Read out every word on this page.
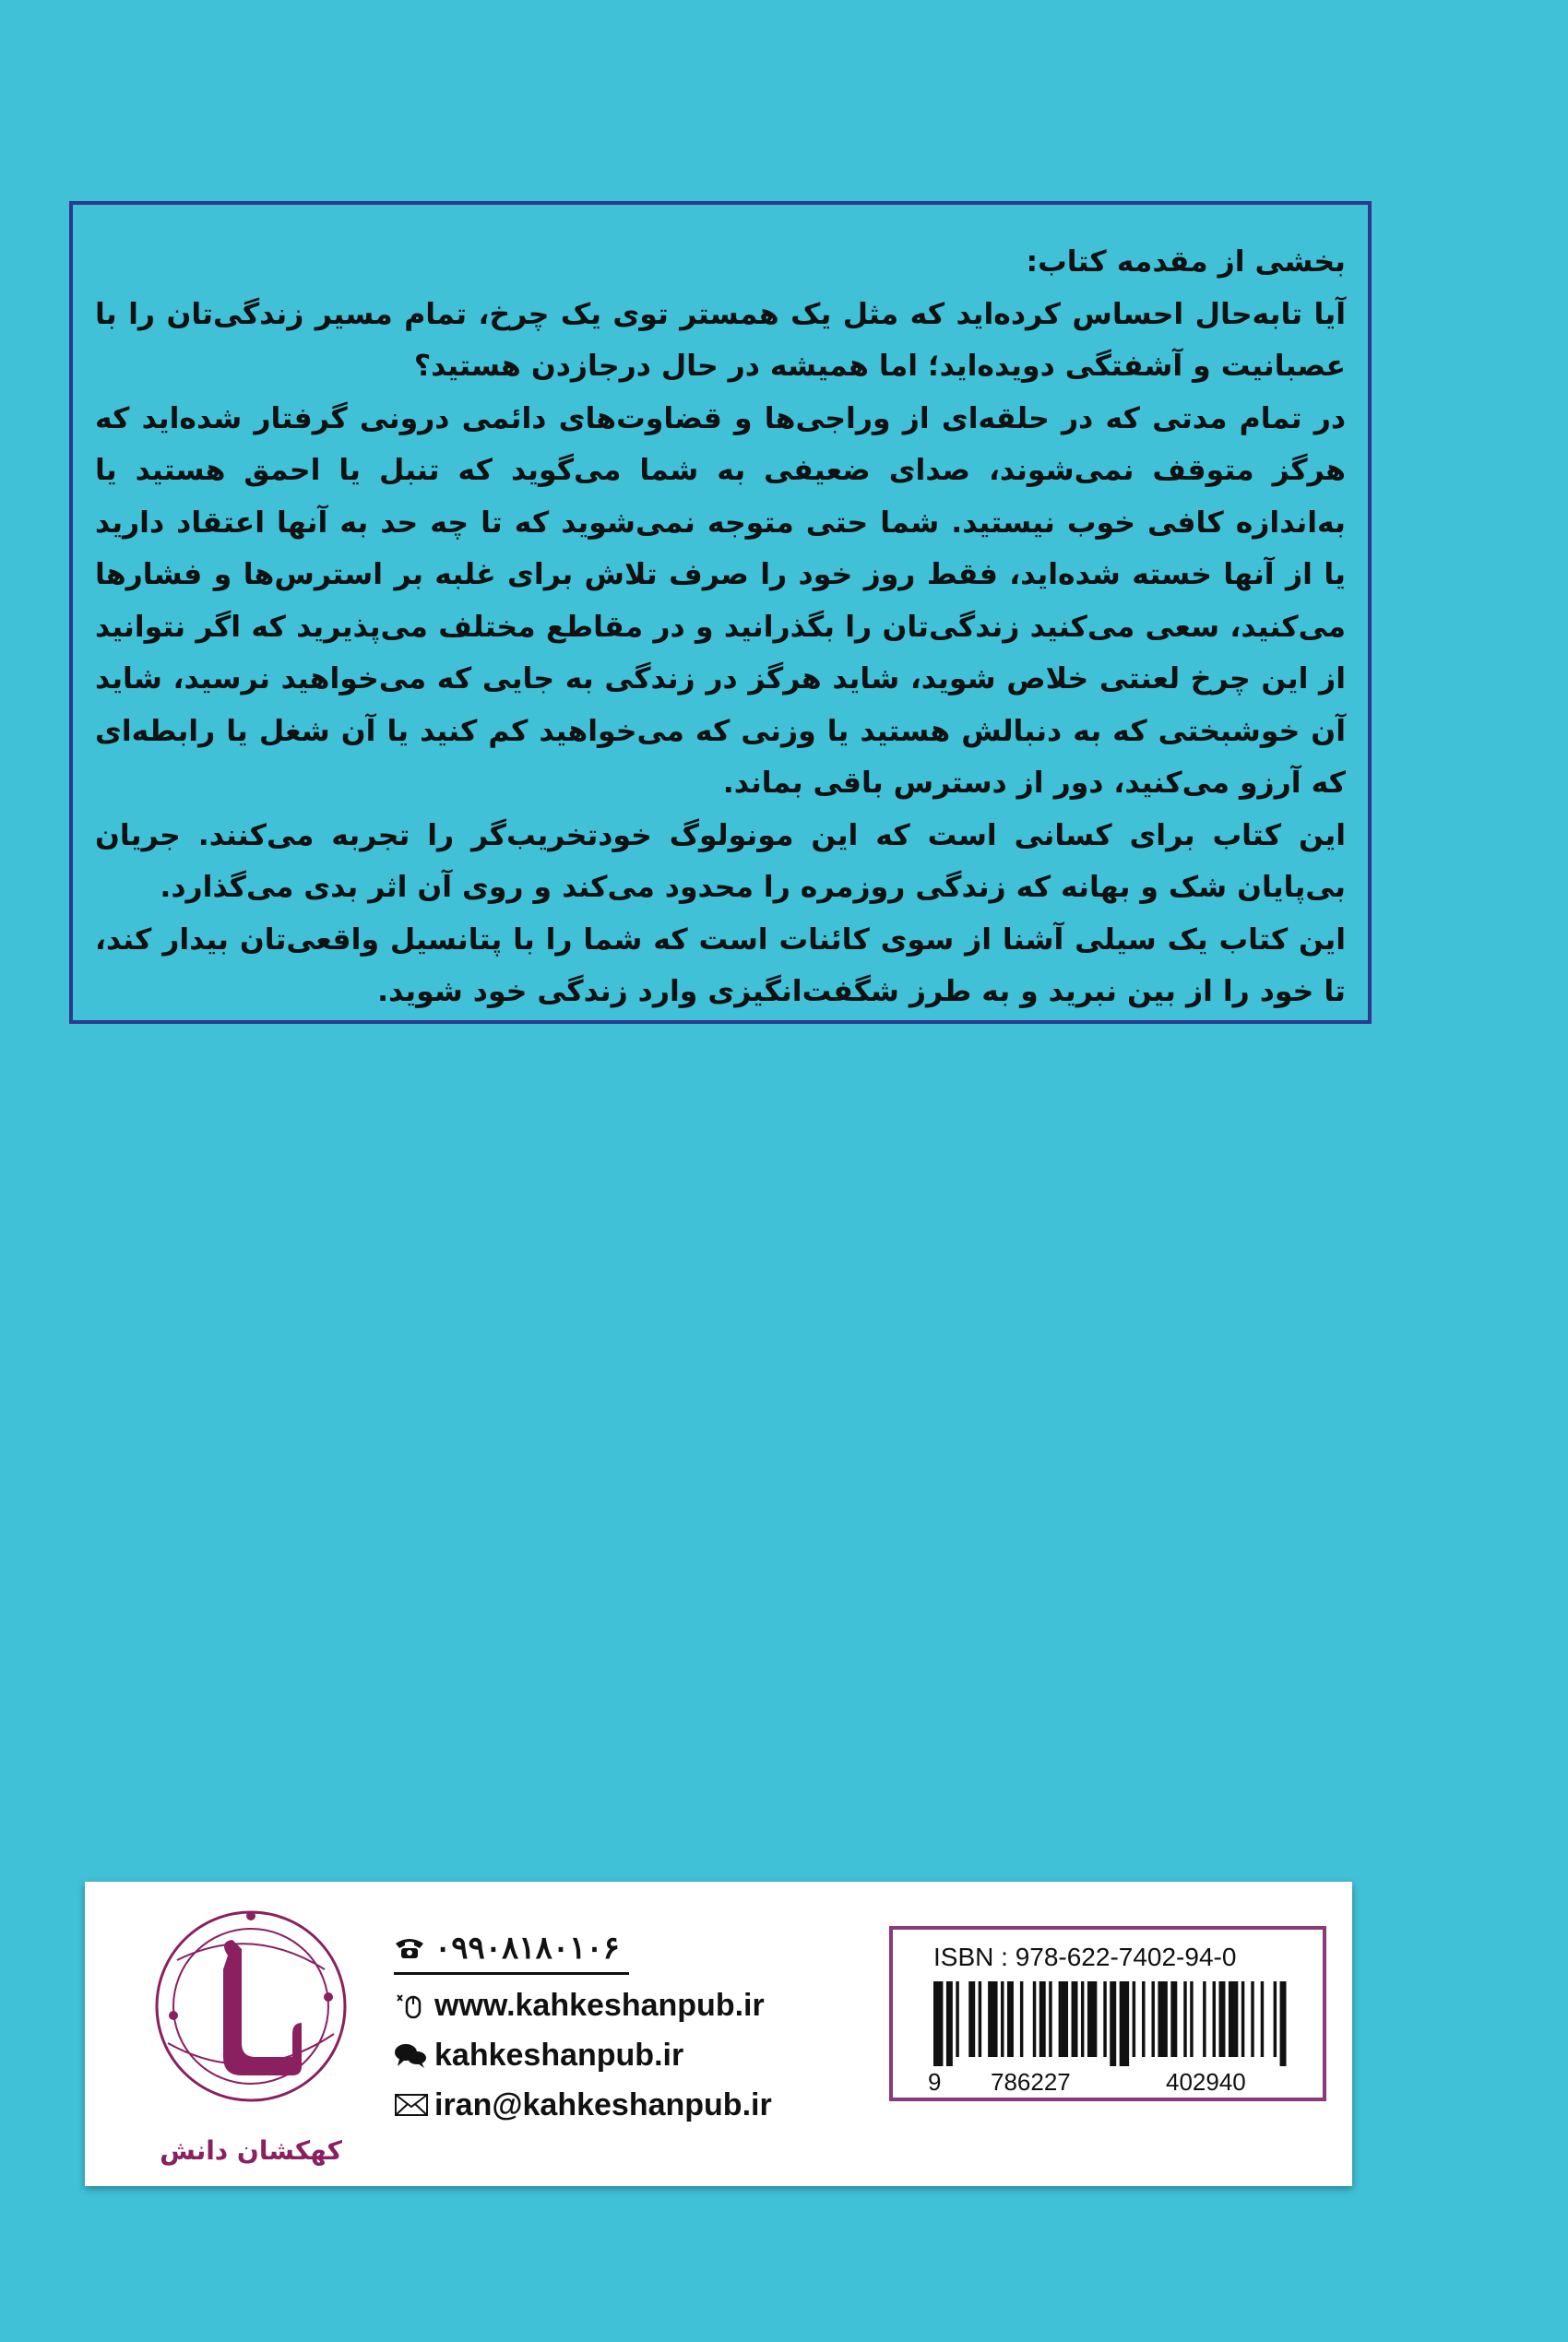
بخشی از مقدمه کتاب:

آیا تابه‌حال احساس کرده‌اید که مثل یک همستر توی یک چرخ، تمام مسیر زندگی‌تان را با عصبانیت و آشفتگی دویده‌اید؛ اما همیشه در حال درجازدن هستید؟

در تمام مدتی که در حلقه‌ای از وراجی‌ها و قضاوت‌های دائمی درونی گرفتار شده‌اید که هرگز متوقف نمی‌شوند، صدای ضعیفی به شما می‌گوید که تنبل یا احمق هستید یا به‌اندازه کافی خوب نیستید. شما حتی متوجه نمی‌شوید که تا چه حد به آنها اعتقاد دارید یا از آنها خسته شده‌اید، فقط روز خود را صرف تلاش برای غلبه بر استرس‌ها و فشارها می‌کنید، سعی می‌کنید زندگی‌تان را بگذرانید و در مقاطع مختلف می‌پذیرید که اگر نتوانید از این چرخ لعنتی خلاص شوید، شاید هرگز در زندگی به جایی که می‌خواهید نرسید، شاید آن خوشبختی که به دنبالش هستید یا وزنی که می‌خواهید کم کنید یا آن شغل یا رابطه‌ای که آرزو می‌کنید، دور از دسترس باقی بماند.

این کتاب برای کسانی است که این مونولوگ خودتخریب‌گر را تجربه می‌کنند. جریان بی‌پایان شک و بهانه که زندگی روزمره را محدود می‌کند و روی آن اثر بدی می‌گذارد.

این کتاب یک سیلی آشنا از سوی کائنات است که شما را با پتانسیل واقعی‌تان بیدار کند، تا خود را از بین نبرید و به طرز شگفت‌انگیزی وارد زندگی خود شوید.

کهکشان دانش
۰۹۹۰۸۱۸۰۱۰۶
www.kahkeshanpub.ir
kahkeshanpub.ir
iran@kahkeshanpub.ir
ISBN : 978-622-7402-94-0
9 786227	402940
